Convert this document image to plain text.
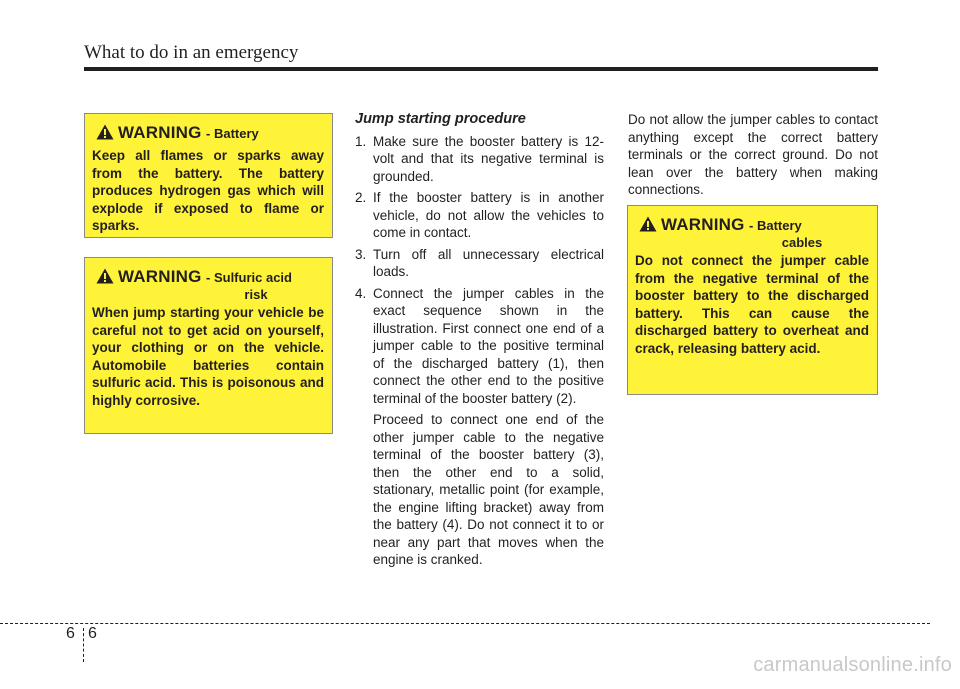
What to do in an emergency
WARNING - Battery
Keep all flames or sparks away from the battery. The battery produces hydrogen gas which will explode if exposed to flame or sparks.
WARNING - Sulfuric acid
risk
When jump starting your vehicle be careful not to get acid on yourself, your clothing or on the vehicle. Automobile batteries contain sulfuric acid. This is poisonous and highly corrosive.
Jump starting procedure
1. Make sure the booster battery is 12-volt and that its negative terminal is grounded.
2. If the booster battery is in another vehicle, do not allow the vehicles to come in contact.
3. Turn off all unnecessary electrical loads.
4. Connect the jumper cables in the exact sequence shown in the illustration. First connect one end of a jumper cable to the positive terminal of the discharged battery (1), then connect the other end to the positive terminal of the booster battery (2).
Proceed to connect one end of the other jumper cable to the negative terminal of the booster battery (3), then the other end to a solid, stationary, metallic point (for example, the engine lifting bracket) away from the battery (4). Do not connect it to or near any part that moves when the engine is cranked.
Do not allow the jumper cables to contact anything except the correct battery terminals or the correct ground. Do not lean over the battery when making connections.
WARNING - Battery
cables
Do not connect the jumper cable from the negative terminal of the booster battery to the discharged battery. This can cause the discharged battery to overheat and crack, releasing battery acid.
6 6
carmanualsonline.info
